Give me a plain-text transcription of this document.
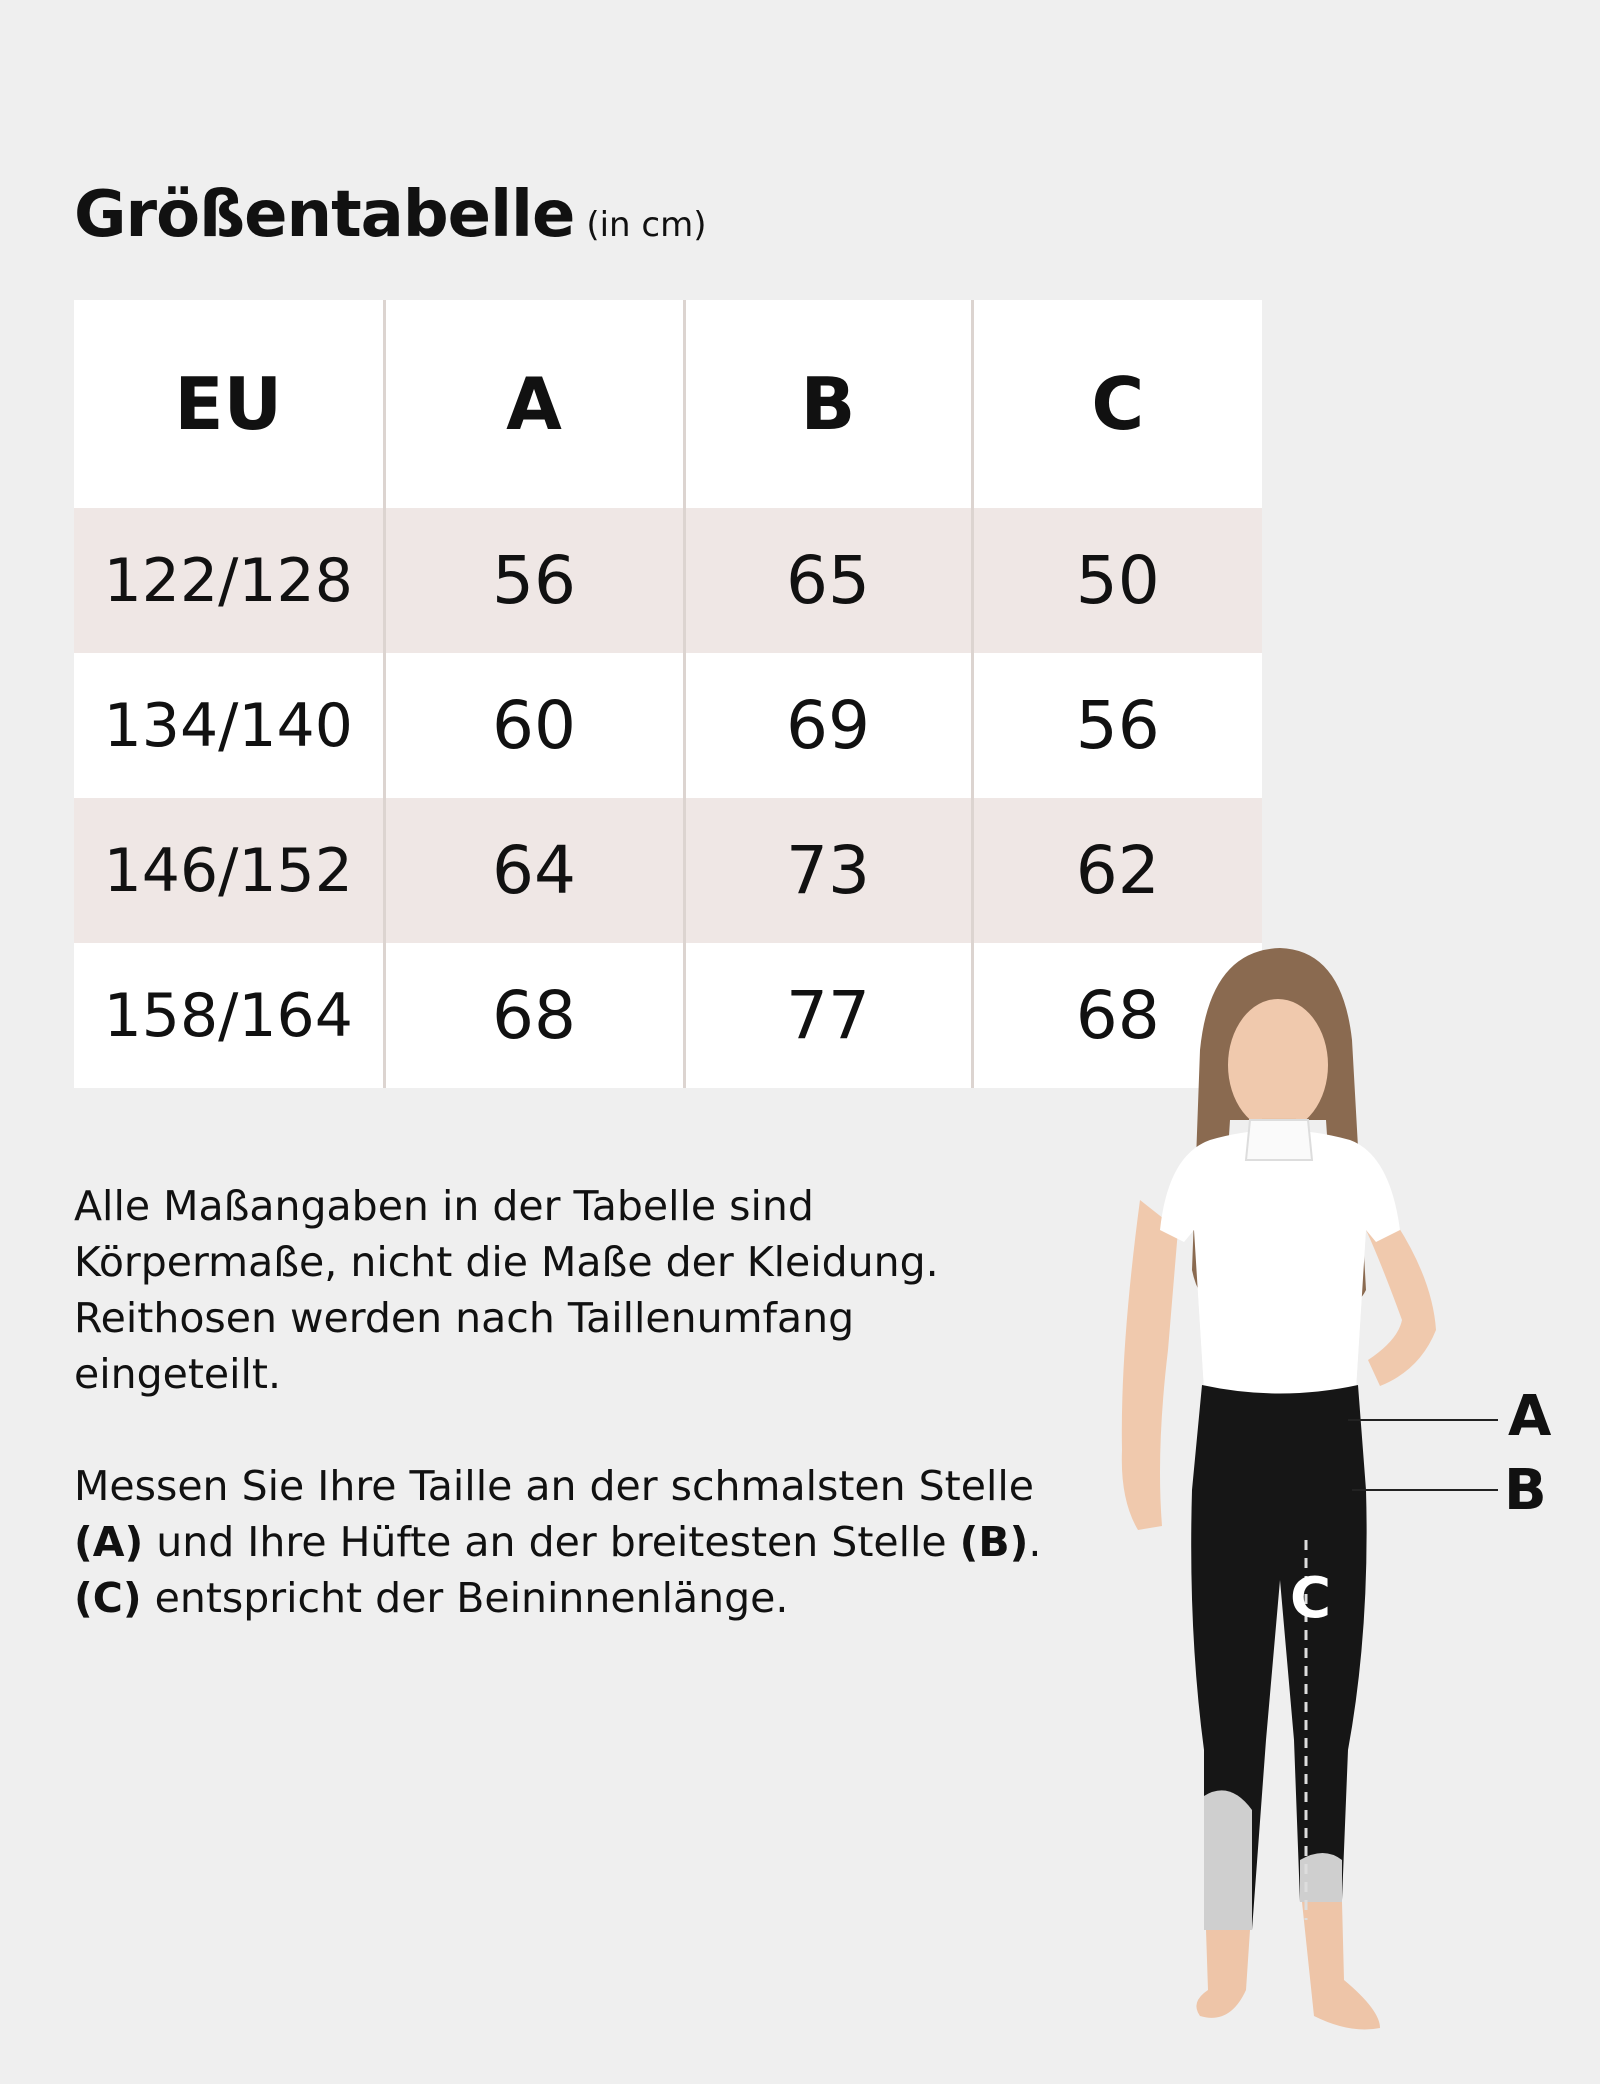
Größentabelle (in cm)
EU	A	B	C
122/128	56	65	50
134/140	60	69	56
146/152	64	73	62
158/164	68	77	68

Alle Maßangaben in der Tabelle sind Körpermaße, nicht die Maße der Kleidung. Reithosen werden nach Taillenumfang eingeteilt.

Messen Sie Ihre Taille an der schmalsten Stelle (A) und Ihre Hüfte an der breitesten Stelle (B). (C) entspricht der Beininnenlänge.

A
B
C
